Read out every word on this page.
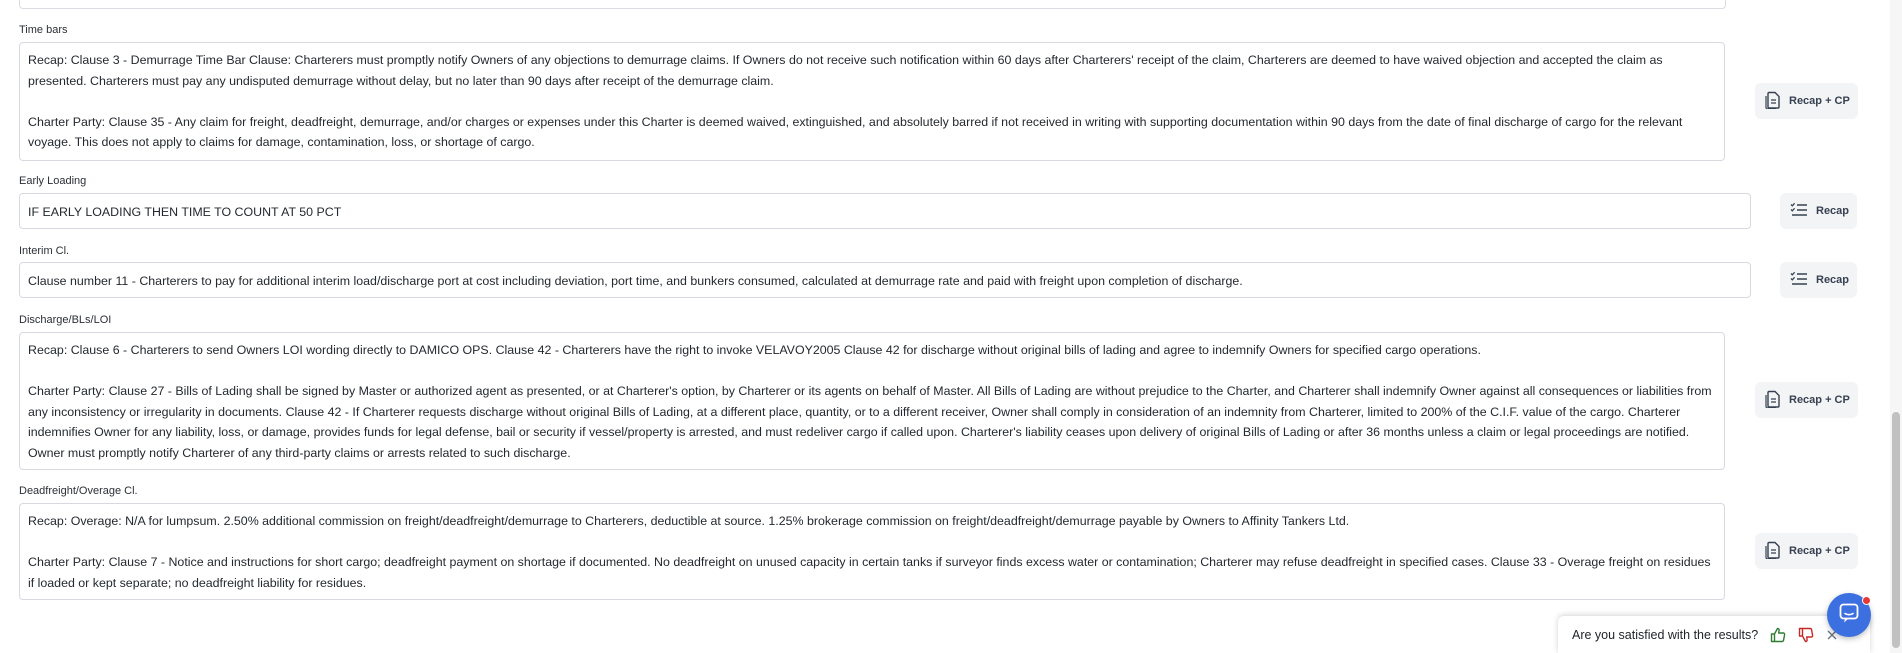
Time bars

Recap: Clause 3 - Demurrage Time Bar Clause: Charterers must promptly notify Owners of any objections to demurrage claims. If Owners do not receive such notification within 60 days after Charterers' receipt of the claim, Charterers are deemed to have waived objection and accepted the claim as presented. Charterers must pay any undisputed demurrage without delay, but no later than 90 days after receipt of the demurrage claim.

Charter Party: Clause 35 - Any claim for freight, deadfreight, demurrage, and/or charges or expenses under this Charter is deemed waived, extinguished, and absolutely barred if not received in writing with supporting documentation within 90 days from the date of final discharge of cargo for the relevant voyage. This does not apply to claims for damage, contamination, loss, or shortage of cargo.

Recap + CP
Early Loading
IF EARLY LOADING THEN TIME TO COUNT AT 50 PCT	Recap
Interim Cl.
Clause number 11 - Charterers to pay for additional interim load/discharge port at cost including deviation, port time, and bunkers consumed, calculated at demurrage rate and paid with freight upon completion of discharge.	Recap
Discharge/BLs/LOI

Recap: Clause 6 - Charterers to send Owners LOI wording directly to DAMICO OPS. Clause 42 - Charterers have the right to invoke VELAVOY2005 Clause 42 for discharge without original bills of lading and agree to indemnify Owners for specified cargo operations.

Charter Party: Clause 27 - Bills of Lading shall be signed by Master or authorized agent as presented, or at Charterer's option, by Charterer or its agents on behalf of Master. All Bills of Lading are without prejudice to the Charter, and Charterer shall indemnify Owner against all consequences or liabilities from any inconsistency or irregularity in documents. Clause 42 - If Charterer requests discharge without original Bills of Lading, at a different place, quantity, or to a different receiver, Owner shall comply in consideration of an indemnity from Charterer, limited to 200% of the C.I.F. value of the cargo. Charterer indemnifies Owner for any liability, loss, or damage, provides funds for legal defense, bail or security if vessel/property is arrested, and must redeliver cargo if called upon. Charterer's liability ceases upon delivery of original Bills of Lading or after 36 months unless a claim or legal proceedings are notified. Owner must promptly notify Charterer of any third-party claims or arrests related to such discharge.

Recap + CP
Deadfreight/Overage Cl.

Recap: Overage: N/A for lumpsum. 2.50% additional commission on freight/deadfreight/demurrage to Charterers, deductible at source. 1.25% brokerage commission on freight/deadfreight/demurrage payable by Owners to Affinity Tankers Ltd.

Charter Party: Clause 7 - Notice and instructions for short cargo; deadfreight payment on shortage if documented. No deadfreight on unused capacity in certain tanks if surveyor finds excess water or contamination; Charterer may refuse deadfreight in specified cases. Clause 33 - Overage freight on residues if loaded or kept separate; no deadfreight liability for residues.

Recap + CP
Are you satisfied with the results?
